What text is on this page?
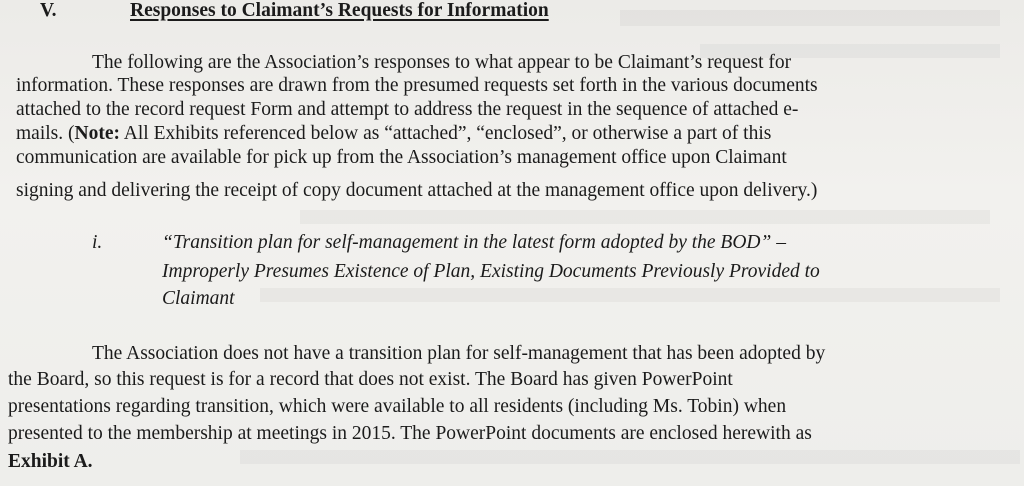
V.	Responses to Claimant’s Requests for Information
The following are the Association’s responses to what appear to be Claimant’s request for
information. These responses are drawn from the presumed requests set forth in the various documents
attached to the record request Form and attempt to address the request in the sequence of attached e-
mails. (Note: All Exhibits referenced below as “attached”, “enclosed”, or otherwise a part of this
communication are available for pick up from the Association’s management office upon Claimant
signing and delivering the receipt of copy document attached at the management office upon delivery.)
i.	“Transition plan for self-management in the latest form adopted by the BOD” –
Improperly Presumes Existence of Plan, Existing Documents Previously Provided to
Claimant
The Association does not have a transition plan for self-management that has been adopted by
the Board, so this request is for a record that does not exist. The Board has given PowerPoint
presentations regarding transition, which were available to all residents (including Ms. Tobin) when
presented to the membership at meetings in 2015. The PowerPoint documents are enclosed herewith as
Exhibit A.
